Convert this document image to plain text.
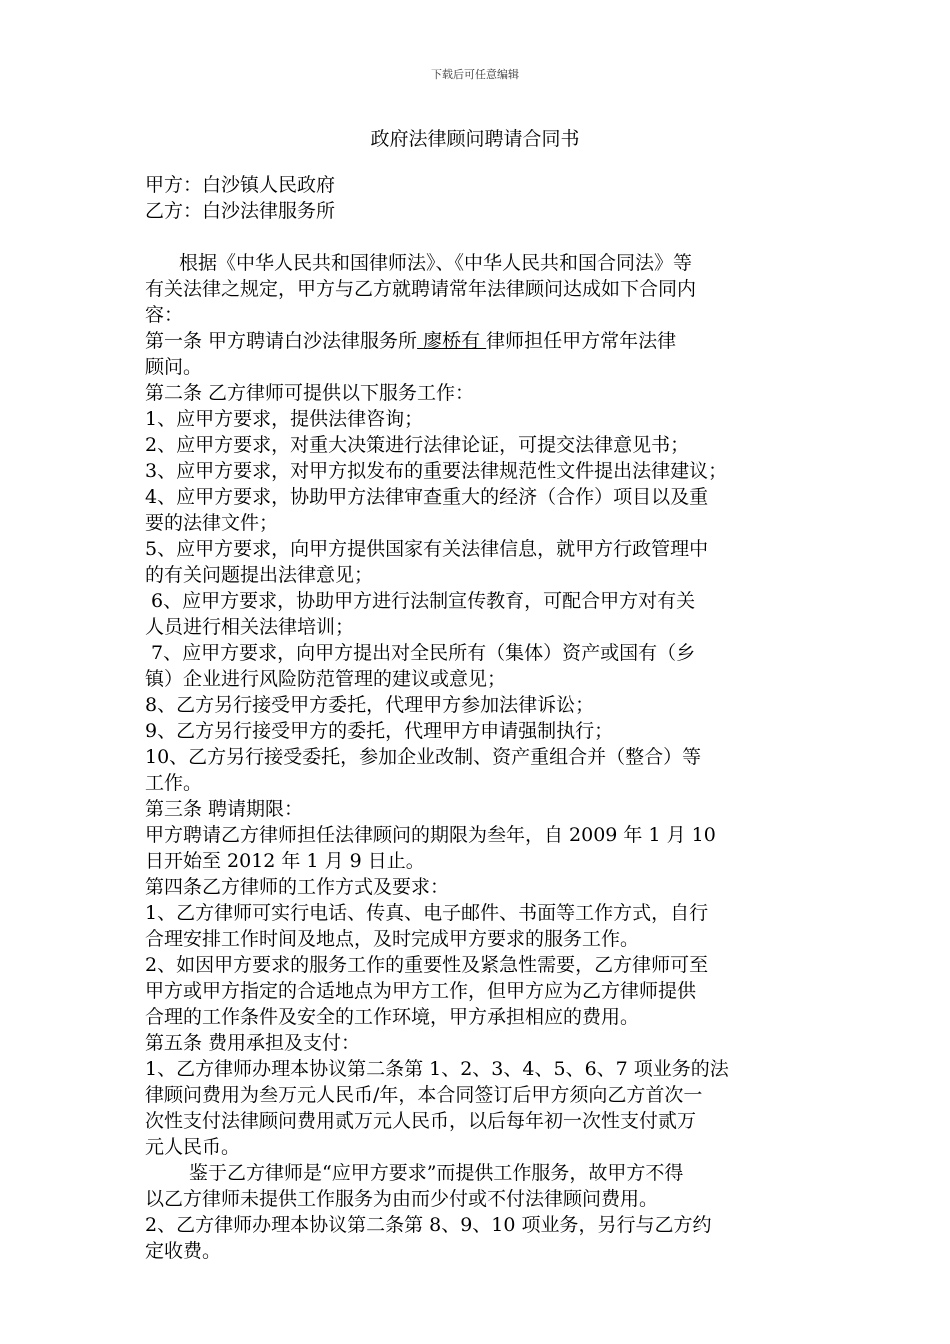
下载后可任意编辑
政府法律顾问聘请合同书
甲方：白沙镇人民政府
乙方：白沙法律服务所
根据《中华人民共和国律师法》、《中华人民共和国合同法》等
有关法律之规定，甲方与乙方就聘请常年法律顾问达成如下合同内
容：
第一条 甲方聘请白沙法律服务所 廖桥有 律师担任甲方常年法律
顾问。
第二条 乙方律师可提供以下服务工作：
1、应甲方要求，提供法律咨询；
2、应甲方要求，对重大决策进行法律论证，可提交法律意见书；
3、应甲方要求，对甲方拟发布的重要法律规范性文件提出法律建议；
4、应甲方要求，协助甲方法律审查重大的经济（合作）项目以及重
要的法律文件；
5、应甲方要求，向甲方提供国家有关法律信息，就甲方行政管理中
的有关问题提出法律意见；
6、应甲方要求，协助甲方进行法制宣传教育，可配合甲方对有关
人员进行相关法律培训；
7、应甲方要求，向甲方提出对全民所有（集体）资产或国有（乡
镇）企业进行风险防范管理的建议或意见；
8、乙方另行接受甲方委托，代理甲方参加法律诉讼；
9、乙方另行接受甲方的委托，代理甲方申请强制执行；
10、乙方另行接受委托，参加企业改制、资产重组合并（整合）等
工作。
第三条 聘请期限：
甲方聘请乙方律师担任法律顾问的期限为叁年，自 2009 年 1 月 10
日开始至 2012 年 1 月 9 日止。
第四条乙方律师的工作方式及要求：
1、乙方律师可实行电话、传真、电子邮件、书面等工作方式，自行
合理安排工作时间及地点，及时完成甲方要求的服务工作。
2、如因甲方要求的服务工作的重要性及紧急性需要，乙方律师可至
甲方或甲方指定的合适地点为甲方工作，但甲方应为乙方律师提供
合理的工作条件及安全的工作环境，甲方承担相应的费用。
第五条 费用承担及支付：
1、乙方律师办理本协议第二条第 1、2、3、4、5、6、7 项业务的法
律顾问费用为叁万元人民币/年，本合同签订后甲方须向乙方首次一
次性支付法律顾问费用贰万元人民币，以后每年初一次性支付贰万
元人民币。
鉴于乙方律师是“应甲方要求”而提供工作服务，故甲方不得
以乙方律师未提供工作服务为由而少付或不付法律顾问费用。
2、乙方律师办理本协议第二条第 8、9、10 项业务，另行与乙方约
定收费。
